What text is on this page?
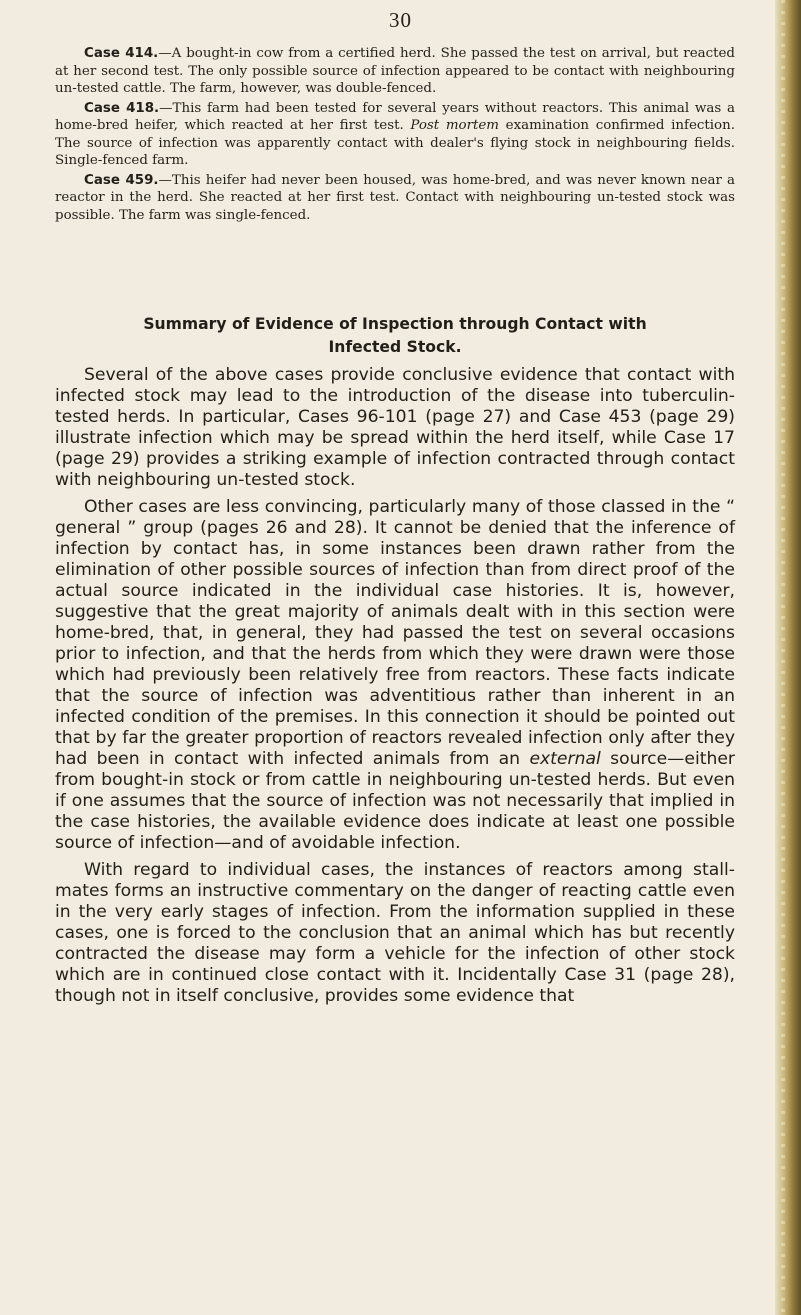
30

Case 414.—A bought-in cow from a certified herd. She passed the test on arrival, but reacted at her second test. The only possible source of infection appeared to be contact with neighbouring un-tested cattle. The farm, however, was double-fenced.

Case 418.—This farm had been tested for several years without reactors. This animal was a home-bred heifer, which reacted at her first test. Post mortem examination confirmed infection. The source of infection was apparently contact with dealer's flying stock in neighbouring fields. Single-fenced farm.

Case 459.—This heifer had never been housed, was home-bred, and was never known near a reactor in the herd. She reacted at her first test. Contact with neighbouring un-tested stock was possible. The farm was single-fenced.

Summary of Evidence of Inspection through Contact with
Infected Stock.

Several of the above cases provide conclusive evidence that contact with infected stock may lead to the introduction of the disease into tuberculin-tested herds. In particular, Cases 96-101 (page 27) and Case 453 (page 29) illustrate infection which may be spread within the herd itself, while Case 17 (page 29) provides a striking example of infection contracted through contact with neighbouring un-tested stock.

Other cases are less convincing, particularly many of those classed in the “ general ” group (pages 26 and 28). It cannot be denied that the inference of infection by contact has, in some instances been drawn rather from the elimination of other possible sources of infection than from direct proof of the actual source indicated in the individual case histories. It is, however, suggestive that the great majority of animals dealt with in this section were home-bred, that, in general, they had passed the test on several occasions prior to infection, and that the herds from which they were drawn were those which had previously been relatively free from reactors. These facts indicate that the source of infection was adventitious rather than inherent in an infected condition of the premises. In this connection it should be pointed out that by far the greater proportion of reactors revealed infection only after they had been in contact with infected animals from an external source—either from bought-in stock or from cattle in neighbouring un-tested herds. But even if one assumes that the source of infection was not necessarily that implied in the case histories, the available evidence does indicate at least one possible source of infection—and of avoidable infection.

With regard to individual cases, the instances of reactors among stall-mates forms an instructive commentary on the danger of reacting cattle even in the very early stages of infection. From the information supplied in these cases, one is forced to the conclusion that an animal which has but recently contracted the disease may form a vehicle for the infection of other stock which are in continued close contact with it. Incidentally Case 31 (page 28), though not in itself conclusive, provides some evidence that
